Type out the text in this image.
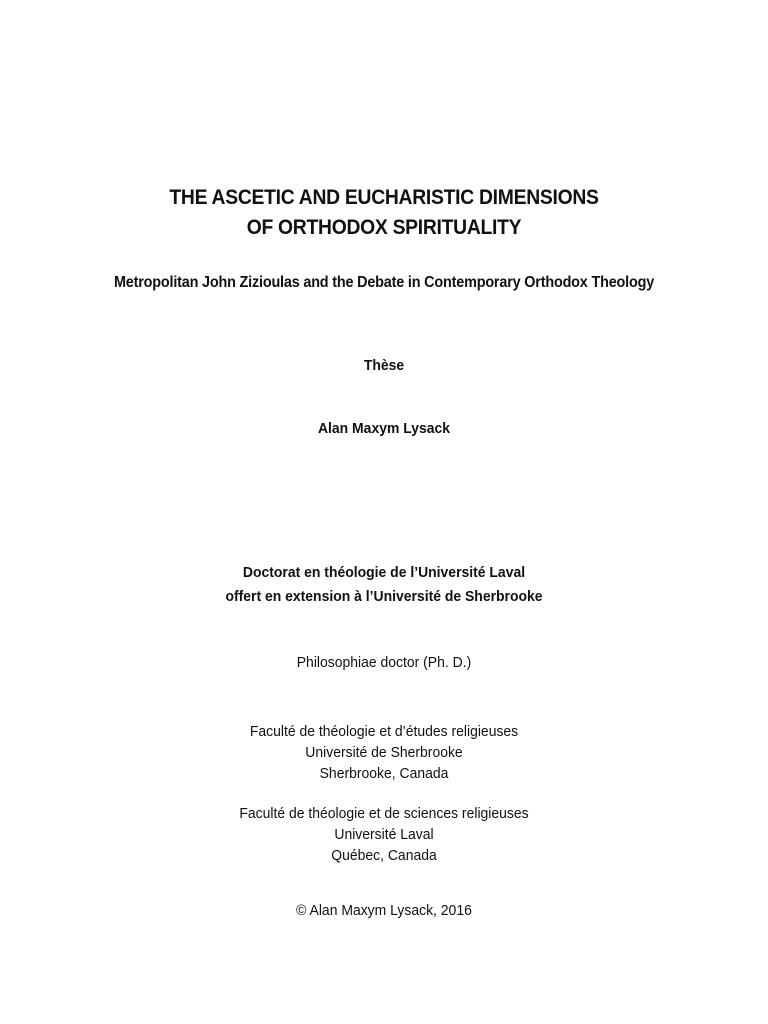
THE ASCETIC AND EUCHARISTIC DIMENSIONS
OF ORTHODOX SPIRITUALITY
Metropolitan John Zizioulas and the Debate in Contemporary Orthodox Theology
Thèse
Alan Maxym Lysack
Doctorat en théologie de l’Université Laval
offert en extension à l’Université de Sherbrooke
Philosophiae doctor (Ph. D.)
Faculté de théologie et d’études religieuses
Université de Sherbrooke
Sherbrooke, Canada
Faculté de théologie et de sciences religieuses
Université Laval
Québec, Canada
© Alan Maxym Lysack, 2016
